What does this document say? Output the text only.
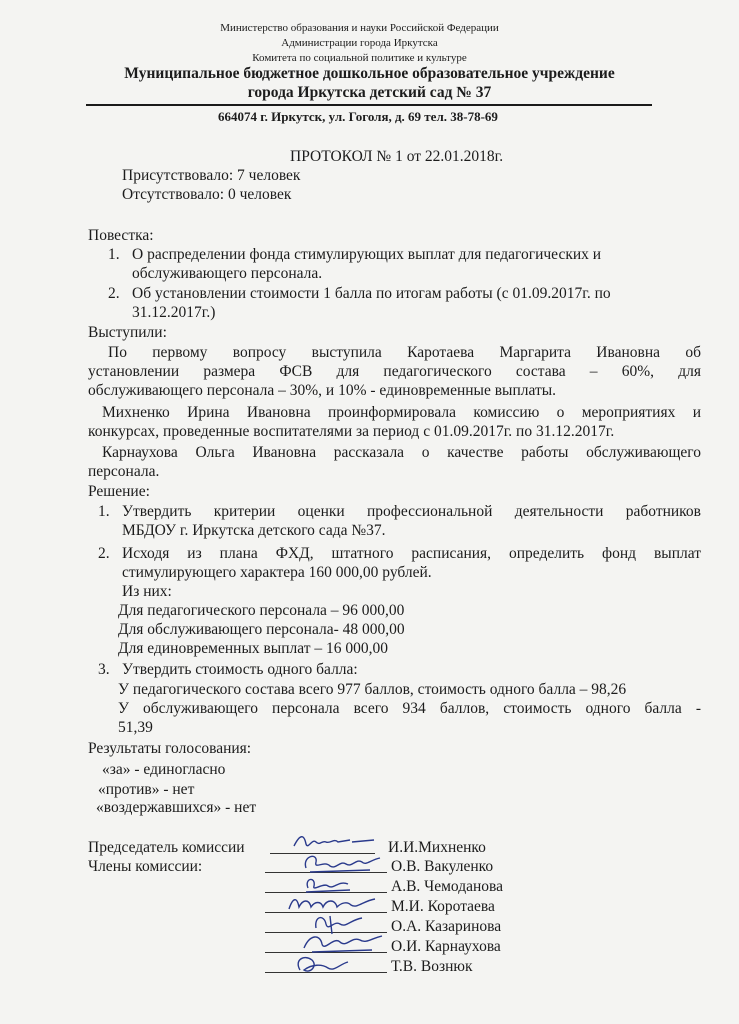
Министерство образования и науки Российской Федерации
Администрации города Иркутска
Комитета по социальной политике и культуре
Муниципальное бюджетное дошкольное образовательное учреждение
города Иркутска детский сад № 37
664074 г. Иркутск, ул. Гоголя, д. 69 тел. 38-78-69
ПРОТОКОЛ № 1 от 22.01.2018г.
Присутствовало: 7 человек
Отсутствовало: 0 человек
Повестка:
1. О распределении фонда стимулирующих выплат для педагогических и
обслуживающего персонала.
2. Об установлении стоимости 1 балла по итогам работы (с 01.09.2017г. по
31.12.2017г.)
Выступили:
По первому вопросу выступила Каротаева Маргарита Ивановна об
установлении размера ФСВ для педагогического состава – 60%, для
обслуживающего персонала – 30%, и 10% - единовременные выплаты.
Михненко Ирина Ивановна проинформировала комиссию о мероприятиях и
конкурсах, проведенные воспитателями за период с 01.09.2017г. по 31.12.2017г.
Карнаухова Ольга Ивановна рассказала о качестве работы обслуживающего
персонала.
Решение:
1. Утвердить критерии оценки профессиональной деятельности работников
МБДОУ г. Иркутска детского сада №37.
2. Исходя из плана ФХД, штатного расписания, определить фонд выплат
стимулирующего характера 160 000,00 рублей.
Из них:
Для педагогического персонала – 96 000,00
Для обслуживающего персонала- 48 000,00
Для единовременных выплат – 16 000,00
3. Утвердить стоимость одного балла:
У педагогического состава всего 977 баллов, стоимость одного балла – 98,26
У обслуживающего персонала всего 934 баллов, стоимость одного балла -
51,39
Результаты голосования:
«за» - единогласно
«против» - нет
«воздержавшихся» - нет
Председатель комиссии
Члены комиссии:
И.И.Михненко
О.В. Вакуленко
А.В. Чемоданова
М.И. Коротаева
О.А. Казаринова
О.И. Карнаухова
Т.В. Вознюк
